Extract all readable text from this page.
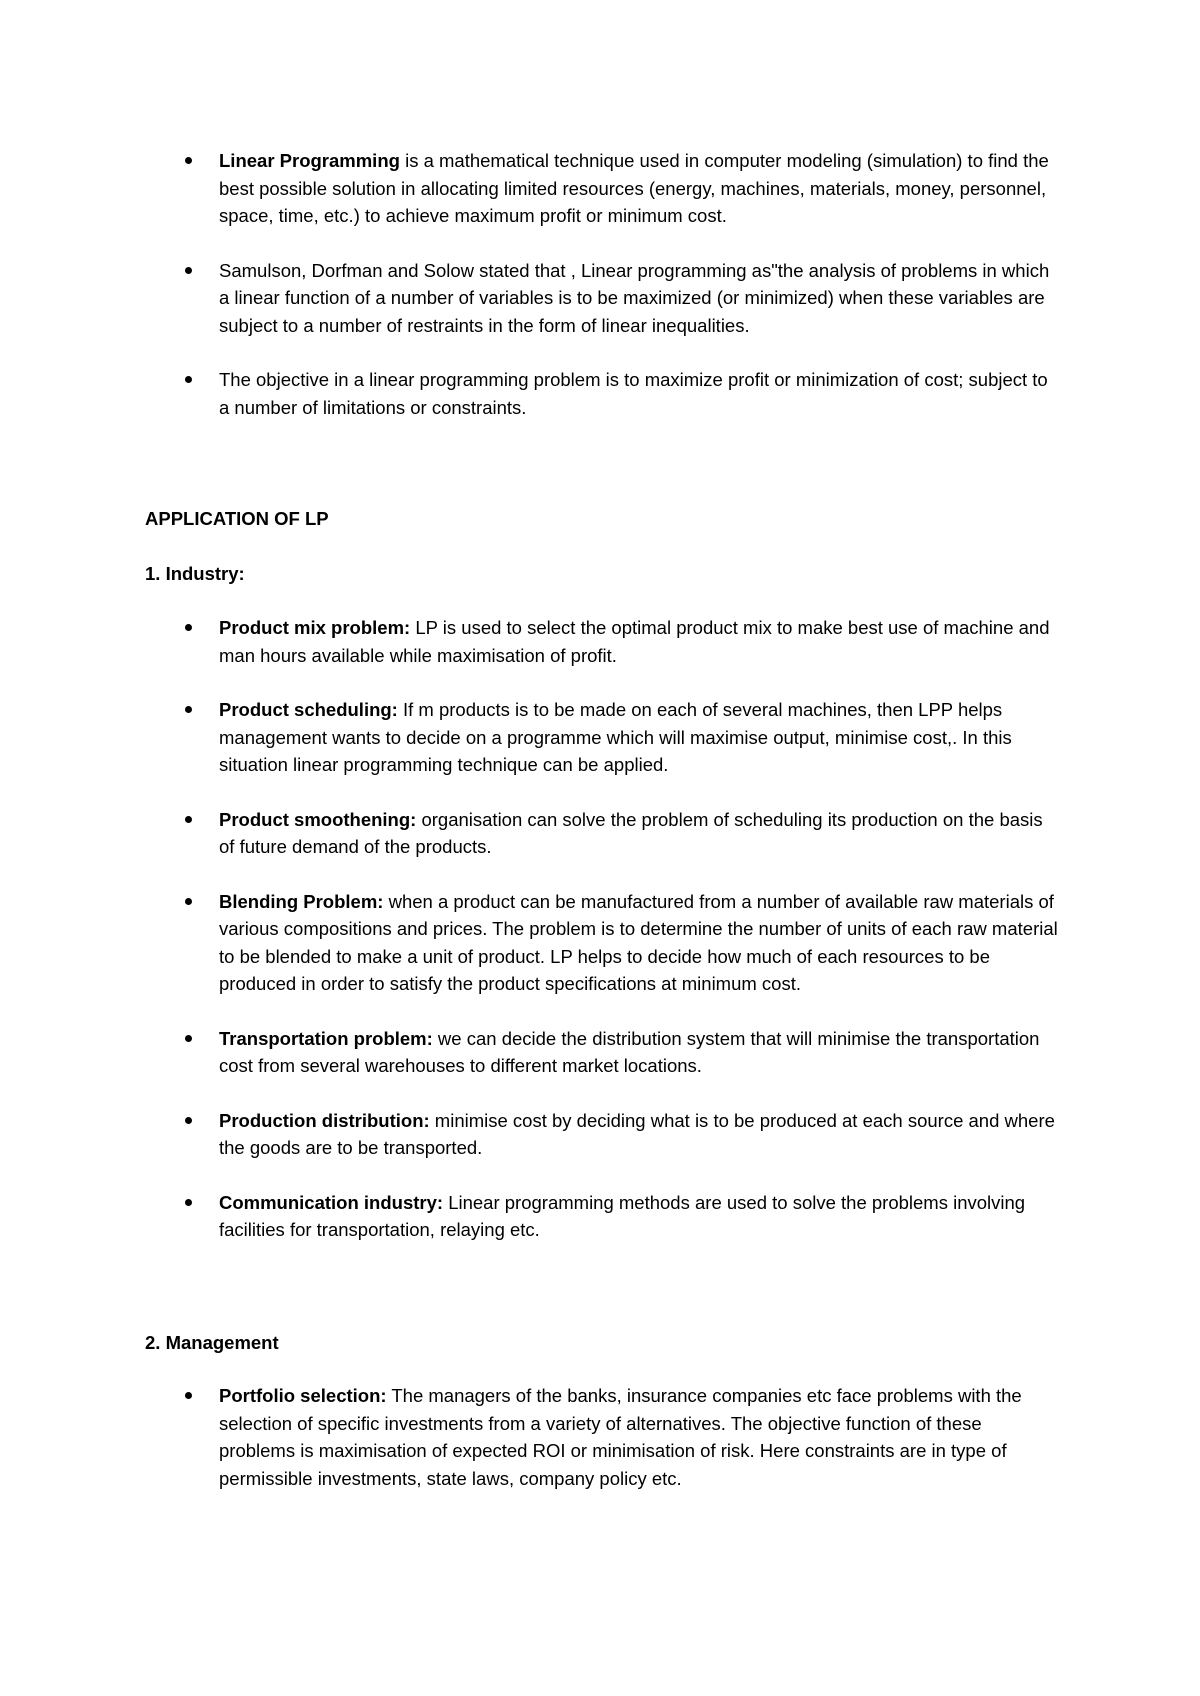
Linear Programming is a mathematical technique used in computer modeling (simulation) to find the best possible solution in allocating limited resources (energy, machines, materials, money, personnel, space, time, etc.) to achieve maximum profit or minimum cost.
Samulson, Dorfman and Solow stated that , Linear programming as"the analysis of problems in which a linear function of a number of variables is to be maximized (or minimized) when these variables are subject to a number of restraints in the form of linear inequalities.
The objective in a linear programming problem is to maximize profit or minimization of cost; subject to a number of limitations or constraints.
APPLICATION OF LP
1. Industry:
Product mix problem: LP is used to select the optimal product mix to make best use of machine and man hours available while maximisation of profit.
Product scheduling: If m products is to be made on each of several machines, then LPP helps management wants to decide on a programme which will maximise output, minimise cost,. In this situation linear programming technique can be applied.
Product smoothening: organisation can solve the problem of scheduling its production on the basis of future demand of the products.
Blending Problem: when a product can be manufactured from a number of available raw materials of various compositions and prices. The problem is to determine the number of units of each raw material to be blended to make a unit of product. LP helps to decide how much of each resources to be produced in order to satisfy the product specifications at minimum cost.
Transportation problem: we can decide the distribution system that will minimise the transportation cost from several warehouses to different market locations.
Production distribution: minimise cost by deciding what is to be produced at each source and where the goods are to be transported.
Communication industry: Linear programming methods are used to solve the problems involving facilities for transportation, relaying etc.
2. Management
Portfolio selection: The managers of the banks, insurance companies etc face problems with the selection of specific investments from a variety of alternatives. The objective function of these problems is maximisation of expected ROI or minimisation of risk. Here constraints are in type of permissible investments, state laws, company policy etc.
